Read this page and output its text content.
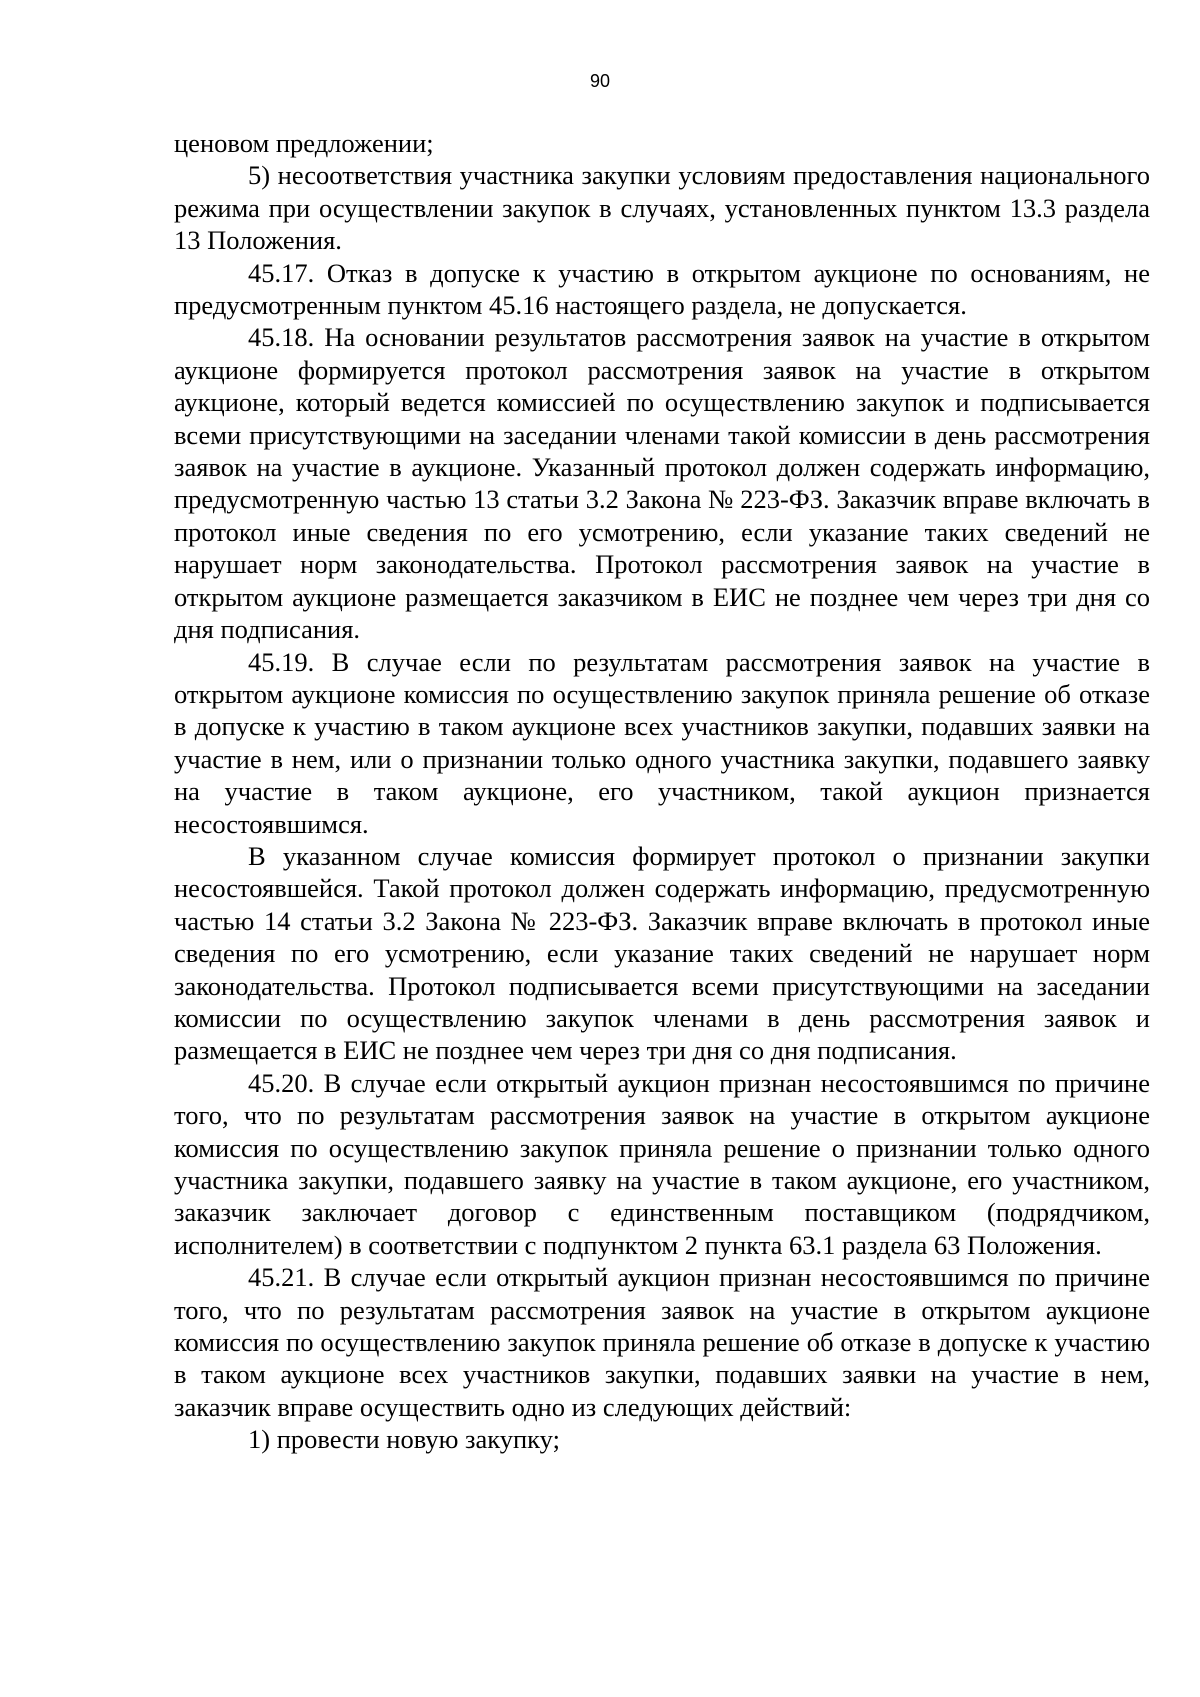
90

ценовом предложении;

5) несоответствия участника закупки условиям предоставления национального режима при осуществлении закупок в случаях, установленных пунктом 13.3 раздела 13 Положения.

45.17. Отказ в допуске к участию в открытом аукционе по основаниям, не предусмотренным пунктом 45.16 настоящего раздела, не допускается.

45.18. На основании результатов рассмотрения заявок на участие в открытом аукционе формируется протокол рассмотрения заявок на участие в открытом аукционе, который ведется комиссией по осуществлению закупок и подписывается всеми присутствующими на заседании членами такой комиссии в день рассмотрения заявок на участие в аукционе. Указанный протокол должен содержать информацию, предусмотренную частью 13 статьи 3.2 Закона № 223-ФЗ. Заказчик вправе включать в протокол иные сведения по его усмотрению, если указание таких сведений не нарушает норм законодательства. Протокол рассмотрения заявок на участие в открытом аукционе размещается заказчиком в ЕИС не позднее чем через три дня со дня подписания.

45.19. В случае если по результатам рассмотрения заявок на участие в открытом аукционе комиссия по осуществлению закупок приняла решение об отказе в допуске к участию в таком аукционе всех участников закупки, подавших заявки на участие в нем, или о признании только одного участника закупки, подавшего заявку на участие в таком аукционе, его участником, такой аукцион признается несостоявшимся.

В указанном случае комиссия формирует протокол о признании закупки несостоявшейся. Такой протокол должен содержать информацию, предусмотренную частью 14 статьи 3.2 Закона № 223-ФЗ. Заказчик вправе включать в протокол иные сведения по его усмотрению, если указание таких сведений не нарушает норм законодательства. Протокол подписывается всеми присутствующими на заседании комиссии по осуществлению закупок членами в день рассмотрения заявок и размещается в ЕИС не позднее чем через три дня со дня подписания.

45.20. В случае если открытый аукцион признан несостоявшимся по причине того, что по результатам рассмотрения заявок на участие в открытом аукционе комиссия по осуществлению закупок приняла решение о признании только одного участника закупки, подавшего заявку на участие в таком аукционе, его участником, заказчик заключает договор с единственным поставщиком (подрядчиком, исполнителем) в соответствии с подпунктом 2 пункта 63.1 раздела 63 Положения.

45.21. В случае если открытый аукцион признан несостоявшимся по причине того, что по результатам рассмотрения заявок на участие в открытом аукционе комиссия по осуществлению закупок приняла решение об отказе в допуске к участию в таком аукционе всех участников закупки, подавших заявки на участие в нем, заказчик вправе осуществить одно из следующих действий:

1) провести новую закупку;
